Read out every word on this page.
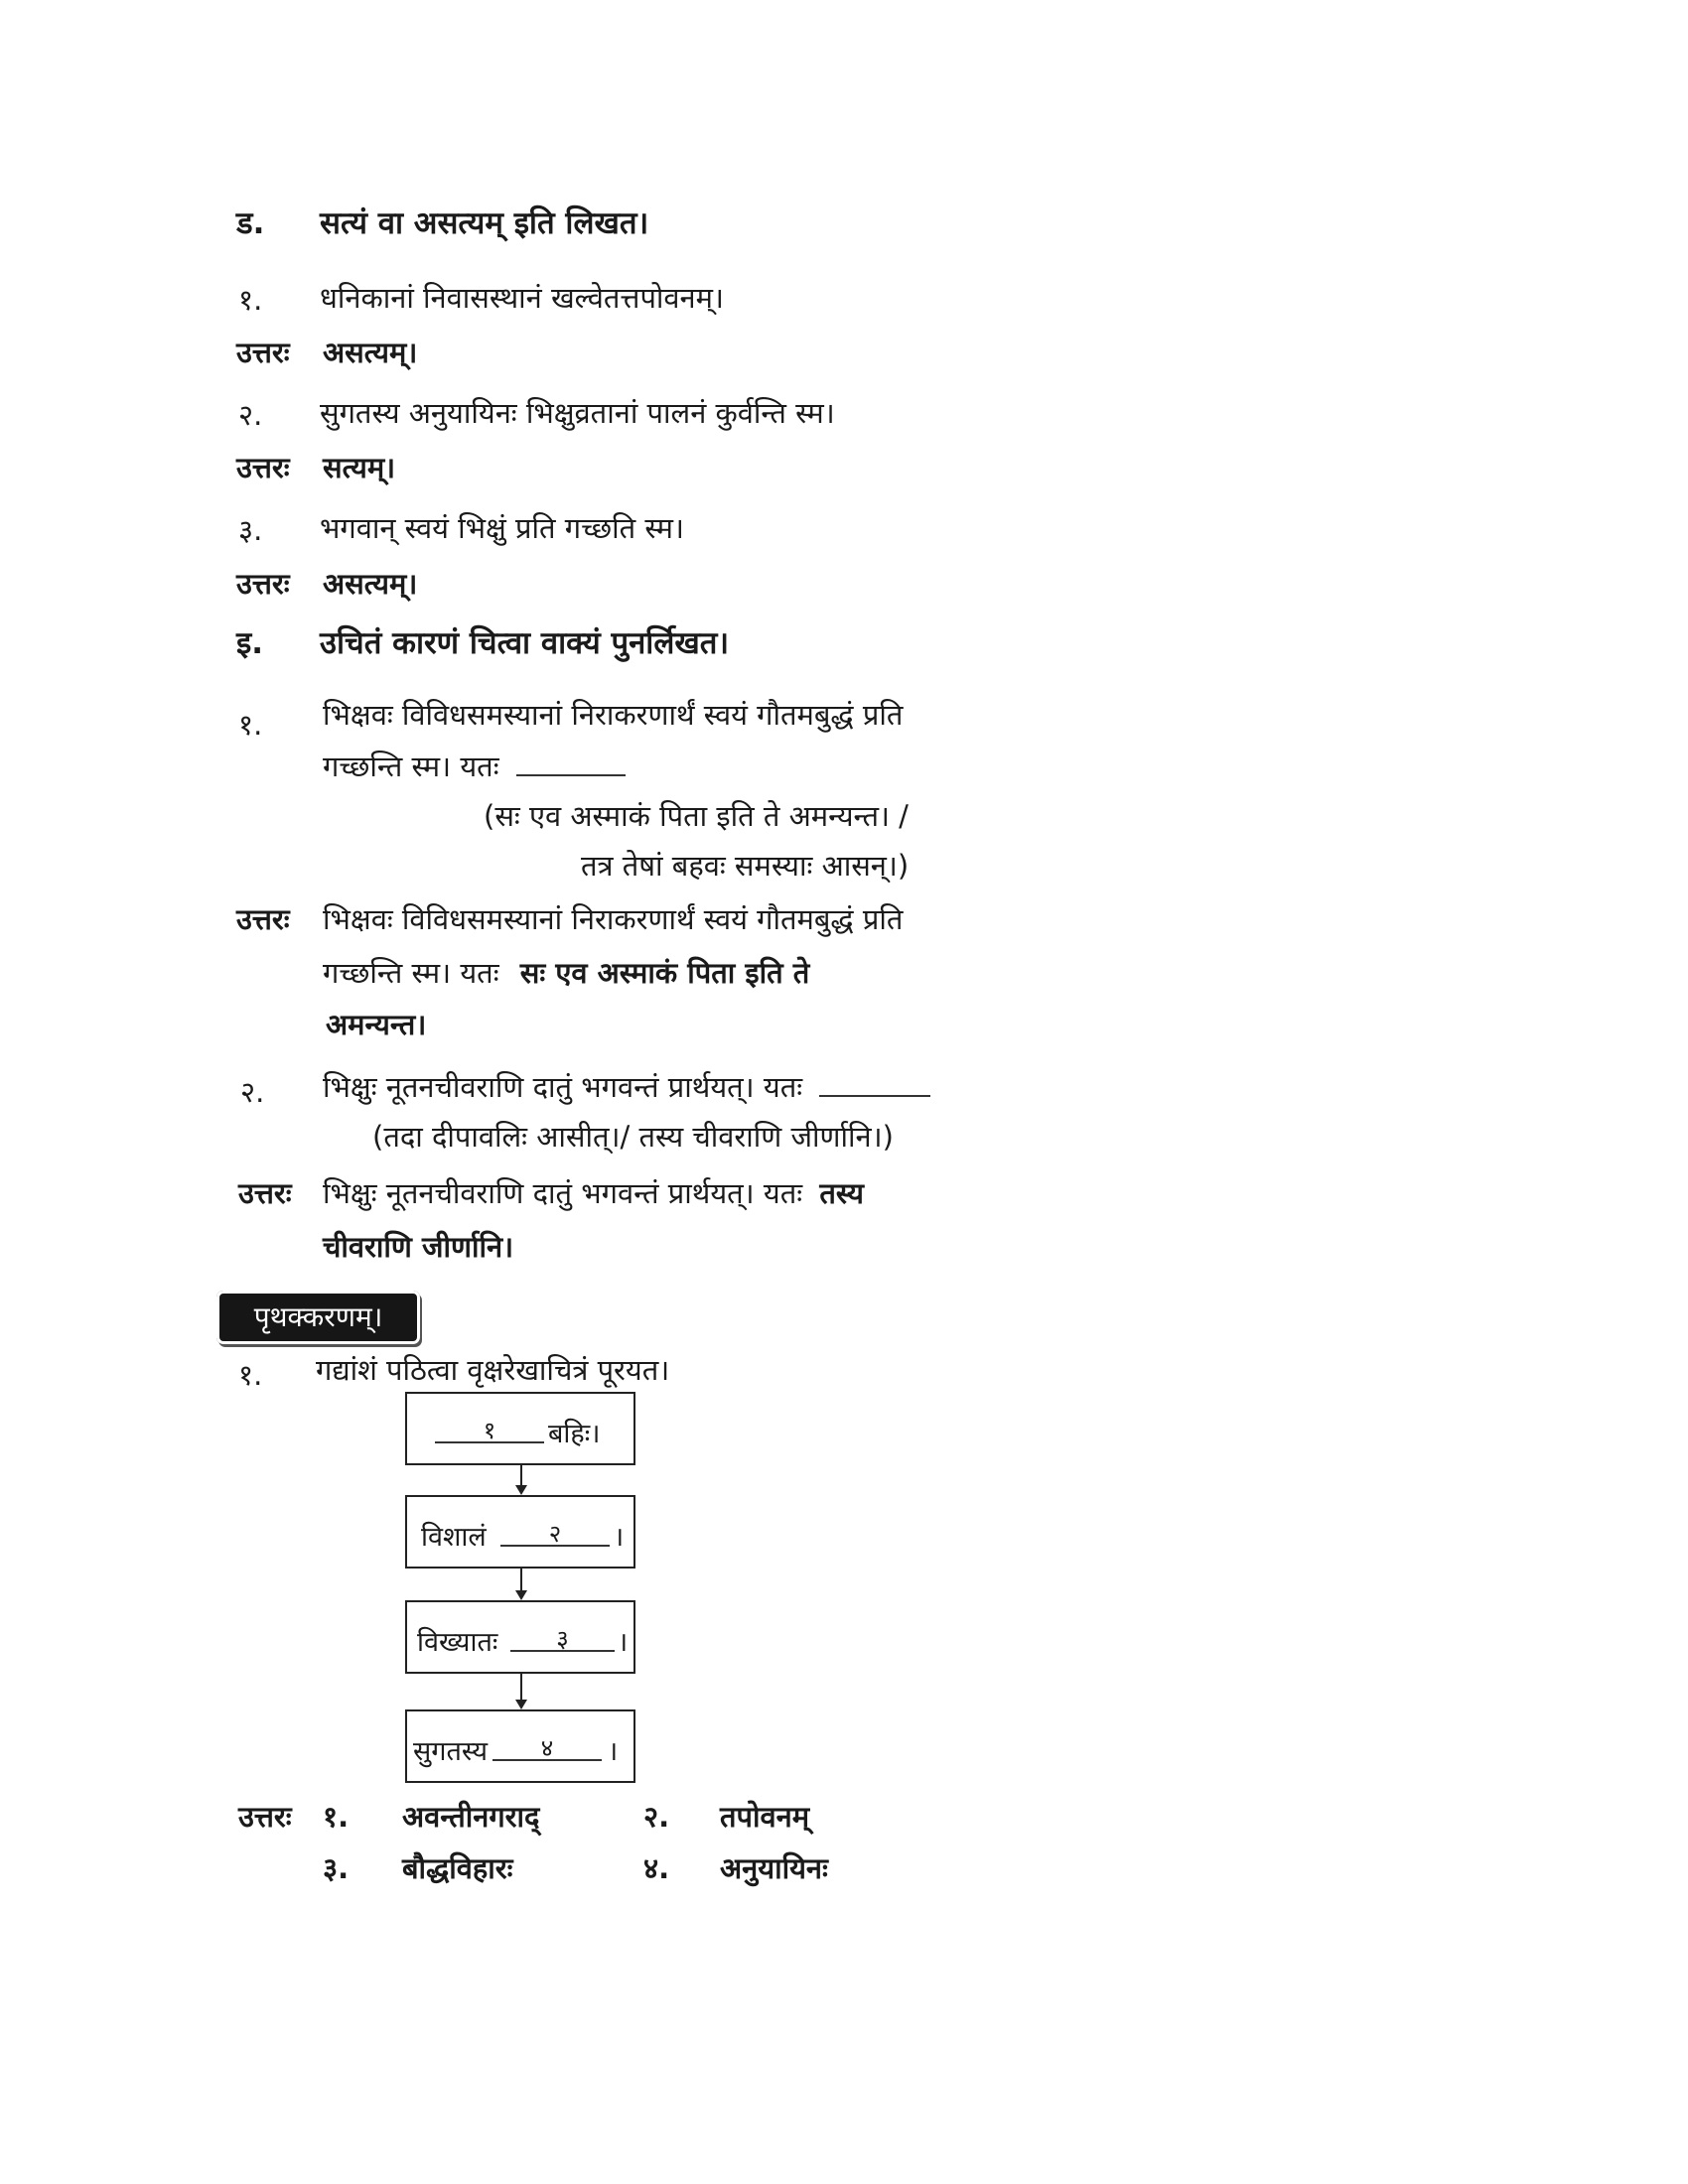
ड. सत्यं वा असत्यम् इति लिखत।
१. धनिकानां निवासस्थानं खल्वेतत्तपोवनम्।
उत्तरः असत्यम्।
२. सुगतस्य अनुयायिनः भिक्षुव्रतानां पालनं कुर्वन्ति स्म।
उत्तरः सत्यम्।
३. भगवान् स्वयं भिक्षुं प्रति गच्छति स्म।
उत्तरः असत्यम्।
इ. उचितं कारणं चित्वा वाक्यं पुनर्लिखत।
१. भिक्षवः विविधसमस्यानां निराकरणार्थं स्वयं गौतमबुद्धं प्रति
गच्छन्ति स्म। यतः
(सः एव अस्माकं पिता इति ते अमन्यन्त। /
तत्र तेषां बहवः समस्याः आसन्।)
उत्तरः भिक्षवः विविधसमस्यानां निराकरणार्थं स्वयं गौतमबुद्धं प्रति
गच्छन्ति स्म। यतः सः एव अस्माकं पिता इति ते
अमन्यन्त।
२. भिक्षुः नूतनचीवराणि दातुं भगवन्तं प्रार्थयत्। यतः
(तदा दीपावलिः आसीत्।/ तस्य चीवराणि जीर्णानि।)
उत्तरः भिक्षुः नूतनचीवराणि दातुं भगवन्तं प्रार्थयत्। यतः तस्य
चीवराणि जीर्णानि।
पृथक्करणम्।
१. गद्यांशं पठित्वा वृक्षरेखाचित्रं पूरयत।
१	बहिः।
विशालं	२	।
विख्यातः	३	।
सुगतस्य	४	।
उत्तरः १. अवन्तीनगराद्	२. तपोवनम्
३. बौद्धविहारः	४. अनुयायिनः
